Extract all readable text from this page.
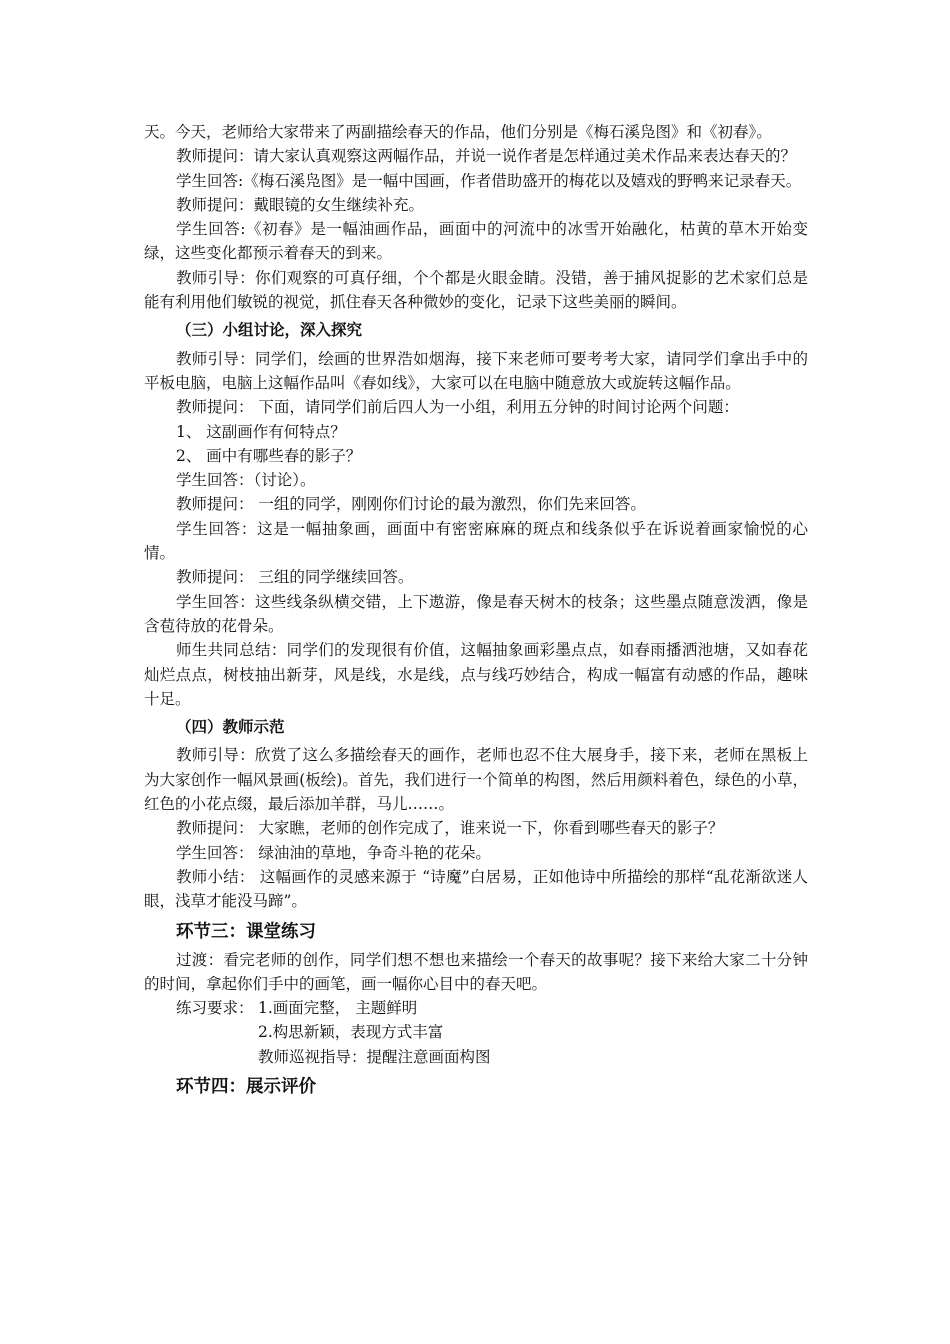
天。今天，老师给大家带来了两副描绘春天的作品，他们分别是《梅石溪凫图》和《初春》。

教师提问：请大家认真观察这两幅作品，并说一说作者是怎样通过美术作品来表达春天的？

学生回答:《梅石溪凫图》是一幅中国画，作者借助盛开的梅花以及嬉戏的野鸭来记录春天。

教师提问：戴眼镜的女生继续补充。

学生回答:《初春》是一幅油画作品，画面中的河流中的冰雪开始融化，枯黄的草木开始变绿，这些变化都预示着春天的到来。

教师引导：你们观察的可真仔细，个个都是火眼金睛。没错，善于捕风捉影的艺术家们总是能有利用他们敏锐的视觉，抓住春天各种微妙的变化，记录下这些美丽的瞬间。

（三）小组讨论，深入探究

教师引导：同学们，绘画的世界浩如烟海，接下来老师可要考考大家，请同学们拿出手中的平板电脑，电脑上这幅作品叫《春如线》，大家可以在电脑中随意放大或旋转这幅作品。

教师提问： 下面，请同学们前后四人为一小组，利用五分钟的时间讨论两个问题：

1、 这副画作有何特点？

2、 画中有哪些春的影子？

学生回答：（讨论）。

教师提问： 一组的同学，刚刚你们讨论的最为激烈，你们先来回答。

学生回答：这是一幅抽象画，画面中有密密麻麻的斑点和线条似乎在诉说着画家愉悦的心情。

教师提问： 三组的同学继续回答。

学生回答：这些线条纵横交错，上下遨游，像是春天树木的枝条；这些墨点随意泼洒，像是含苞待放的花骨朵。

师生共同总结：同学们的发现很有价值，这幅抽象画彩墨点点，如春雨播洒池塘，又如春花灿烂点点，树枝抽出新芽，风是线，水是线，点与线巧妙结合，构成一幅富有动感的作品，趣味十足。

（四）教师示范

教师引导：欣赏了这么多描绘春天的画作，老师也忍不住大展身手，接下来，老师在黑板上为大家创作一幅风景画(板绘)。首先，我们进行一个简单的构图，然后用颜料着色，绿色的小草， 红色的小花点缀，最后添加羊群，马儿……。

教师提问： 大家瞧，老师的创作完成了，谁来说一下，你看到哪些春天的影子？

学生回答： 绿油油的草地，争奇斗艳的花朵。

教师小结： 这幅画作的灵感来源于 “诗魔”白居易，正如他诗中所描绘的那样“乱花渐欲迷人眼，浅草才能没马蹄”。

环节三：课堂练习

过渡：看完老师的创作，同学们想不想也来描绘一个春天的故事呢？接下来给大家二十分钟的时间，拿起你们手中的画笔，画一幅你心目中的春天吧。

练习要求： 1.画面完整， 主题鲜明
2.构思新颖，表现方式丰富
教师巡视指导：提醒注意画面构图

环节四：展示评价
